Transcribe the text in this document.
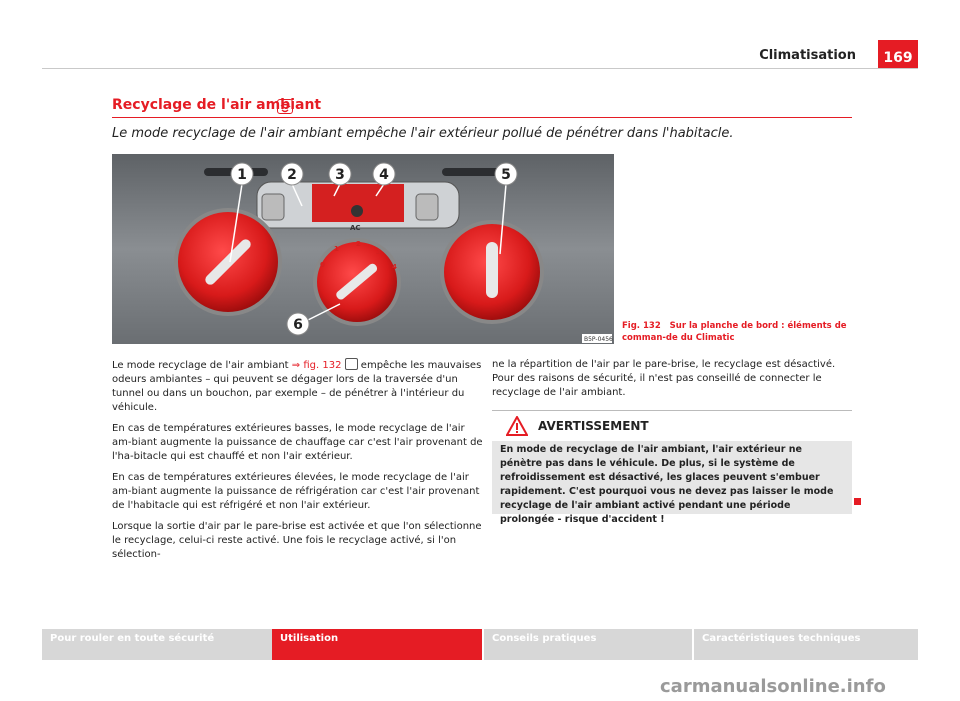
Climatisation	169
Recyclage de l'air ambiant
Le mode recyclage de l'air ambiant empêche l'air extérieur pollué de pénétrer dans l'habitacle.
AC
0
1
2
3
4
1	2	3 4	5
6
B5P-0456
Fig. 132 Sur la planche de bord : éléments de comman-de du Climatic

Le mode recyclage de l'air ambiant ⇒ fig. 132  empêche les mauvaises odeurs ambiantes – qui peuvent se dégager lors de la traversée d'un tunnel ou dans un bouchon, par exemple – de pénétrer à l'intérieur du véhicule.

En cas de températures extérieures basses, le mode recyclage de l'air am-biant augmente la puissance de chauffage car c'est l'air provenant de l'ha-bitacle qui est chauffé et non l'air extérieur.

En cas de températures extérieures élevées, le mode recyclage de l'air am-biant augmente la puissance de réfrigération car c'est l'air provenant de l'habitacle qui est réfrigéré et non l'air extérieur.

Lorsque la sortie d'air par le pare-brise est activée et que l'on sélectionne le recyclage, celui-ci reste activé. Une fois le recyclage activé, si l'on sélection-

ne la répartition de l'air par le pare-brise, le recyclage est désactivé. Pour des raisons de sécurité, il n'est pas conseillé de connecter le recyclage de l'air ambiant.

AVERTISSEMENT
En mode de recyclage de l'air ambiant, l'air extérieur ne pénètre pas dans le véhicule. De plus, si le système de refroidissement est désactivé, les glaces peuvent s'embuer rapidement. C'est pourquoi vous ne devez pas laisser le mode recyclage de l'air ambiant activé pendant une période prolongée - risque d'accident !
Pour rouler en toute sécurité	Utilisation	Conseils pratiques	Caractéristiques techniques
carmanualsonline.info
